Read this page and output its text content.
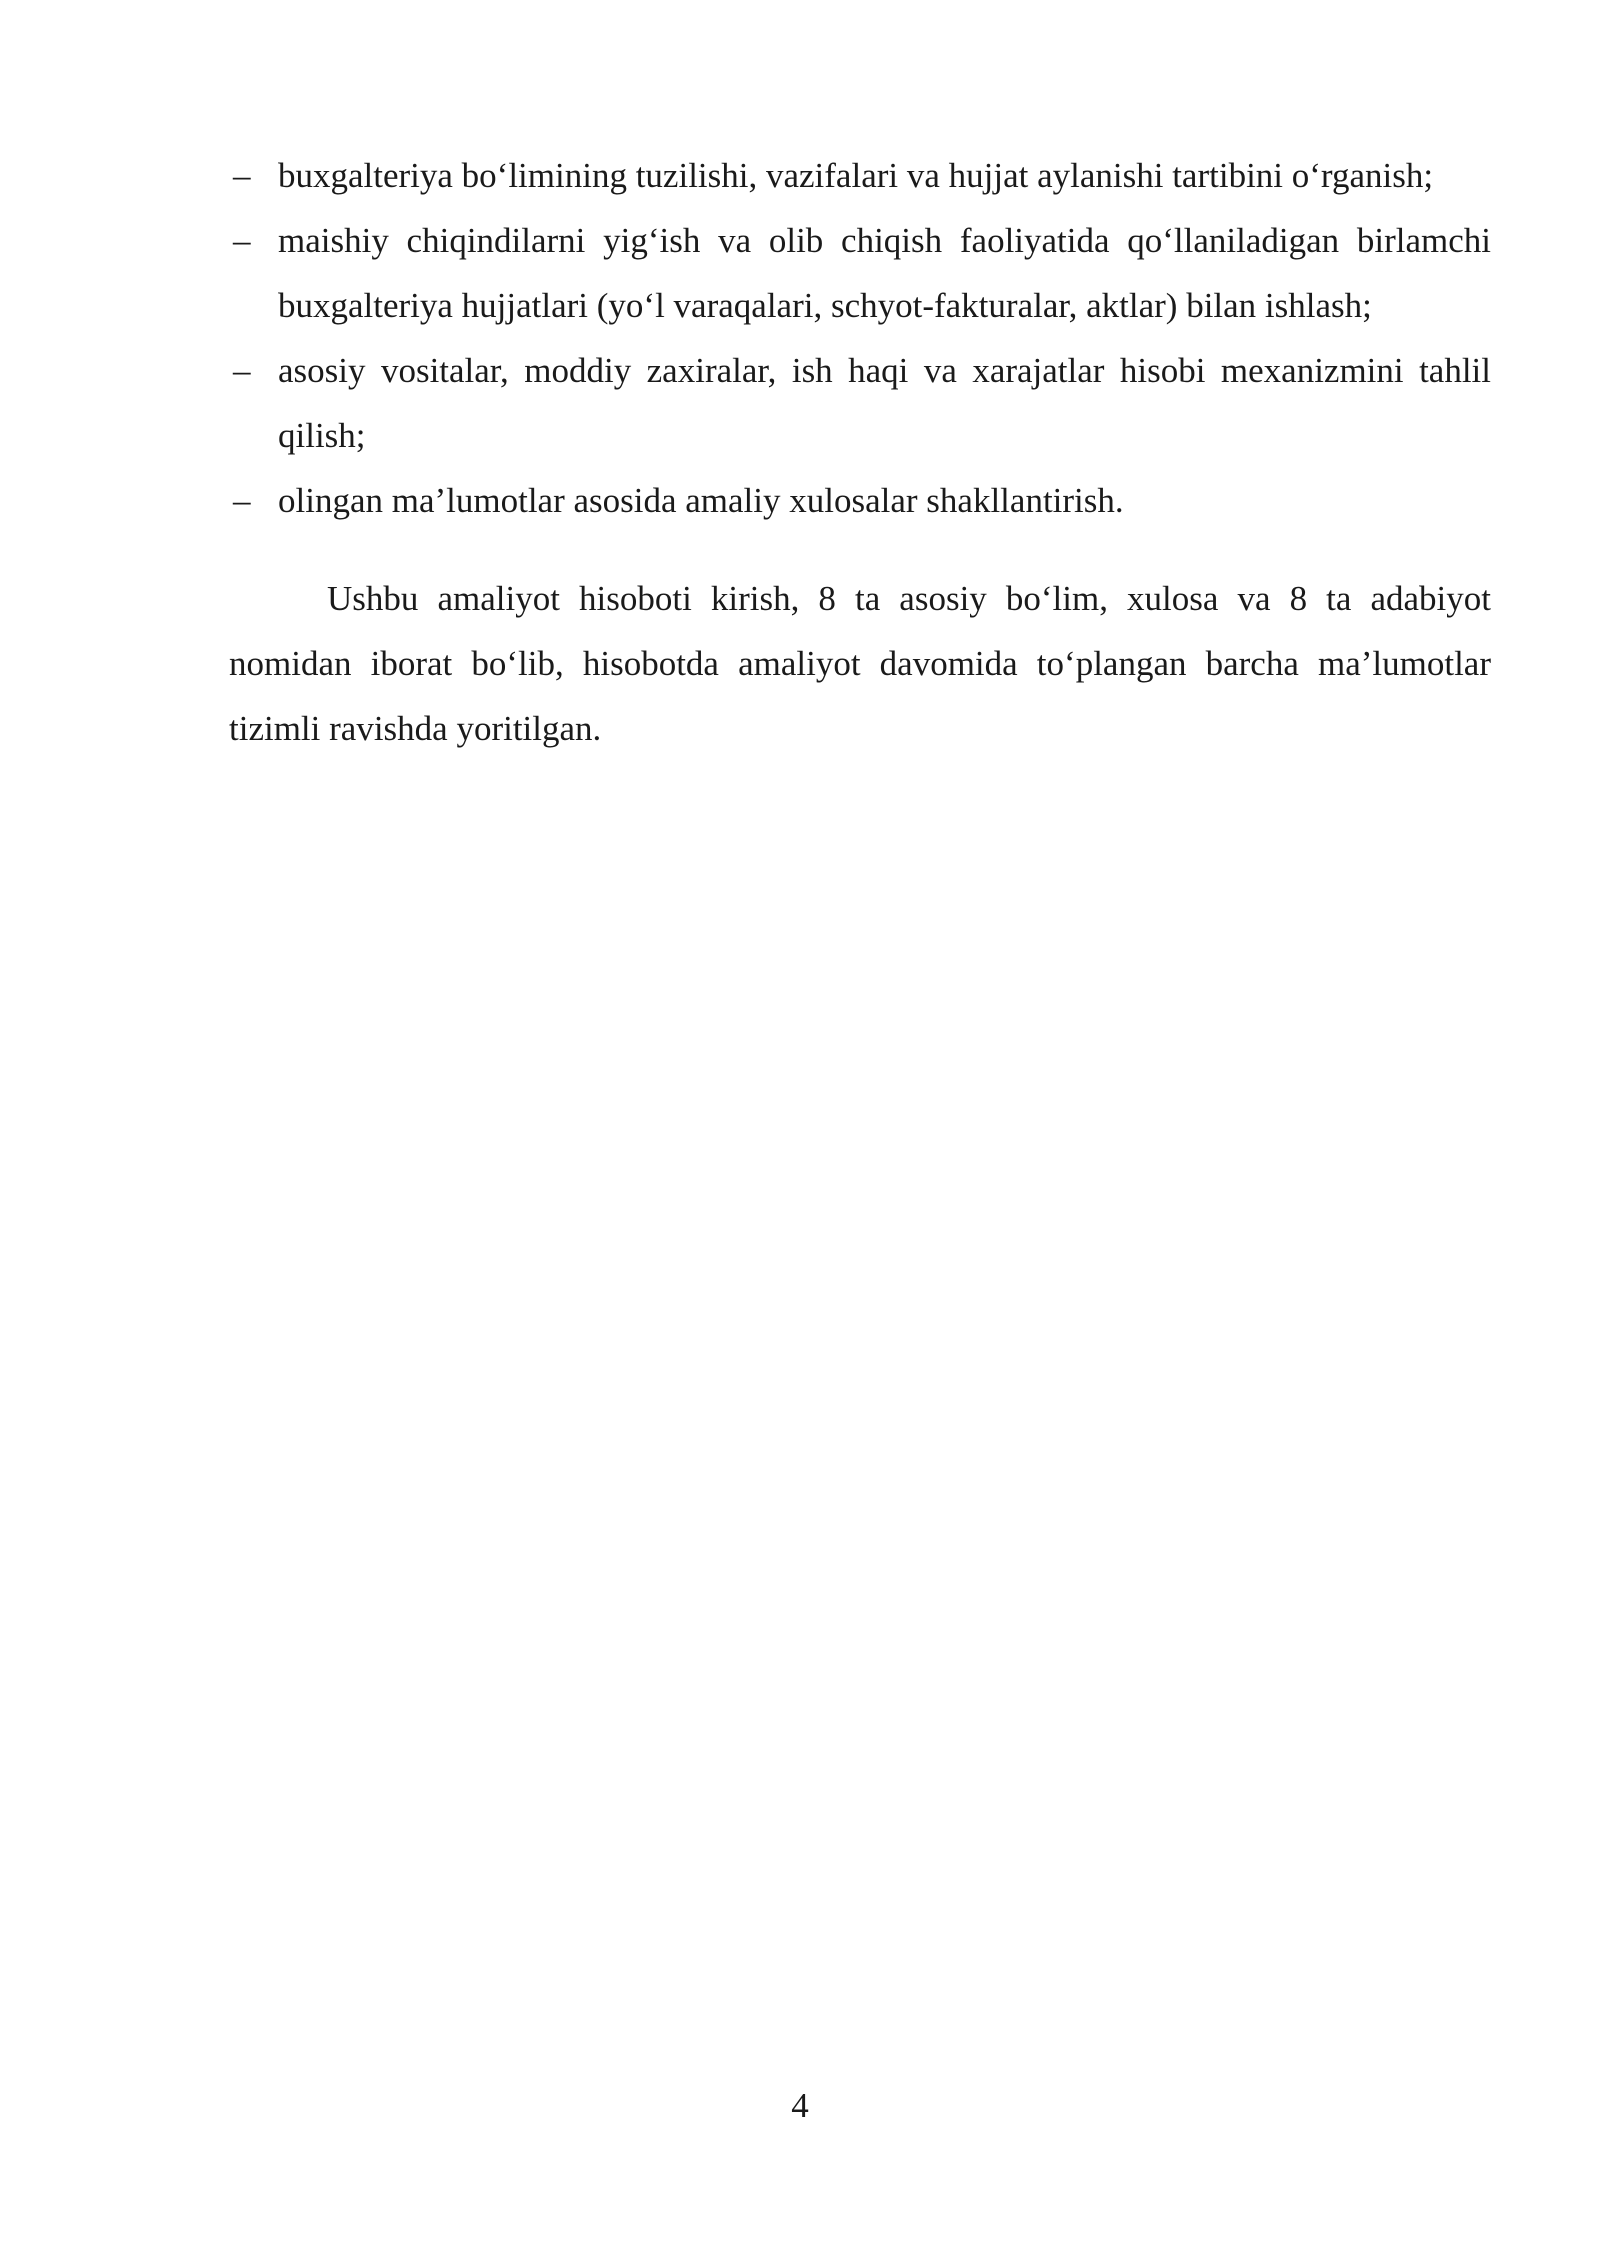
– buxgalteriya bo‘limining tuzilishi, vazifalari va hujjat aylanishi tartibini o‘rganish;
– maishiy chiqindilarni yig‘ish va olib chiqish faoliyatida qo‘llaniladigan birlamchi buxgalteriya hujjatlari (yo‘l varaqalari, schyot-fakturalar, aktlar) bilan ishlash;
– asosiy vositalar, moddiy zaxiralar, ish haqi va xarajatlar hisobi mexanizmini tahlil qilish;
– olingan ma’lumotlar asosida amaliy xulosalar shakllantirish.

Ushbu amaliyot hisoboti kirish, 8 ta asosiy bo‘lim, xulosa va 8 ta adabiyot nomidan iborat bo‘lib, hisobotda amaliyot davomida to‘plangan barcha ma’lumotlar tizimli ravishda yoritilgan.

4
